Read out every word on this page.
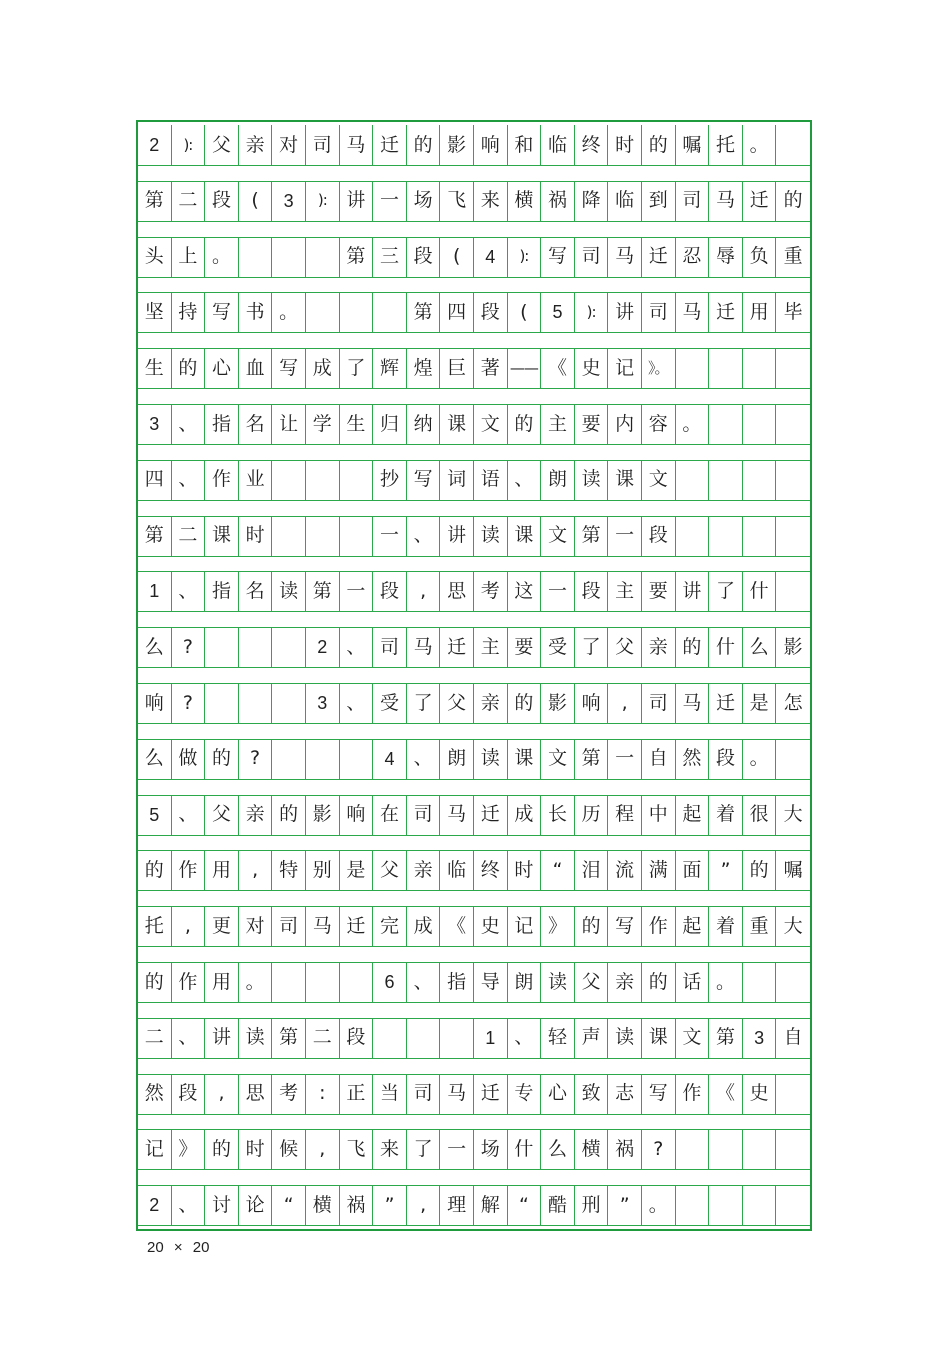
2	):	父 亲 对 司 马 迁 的 影 响 和 临 终 时 的 嘱 托 。
第 二 段	(	3	):	讲 一 场 飞 来 横 祸 降 临 到 司 马 迁 的
头 上 。	第 三 段	(	4	):	写 司 马 迁 忍 辱 负 重
坚 持 写 书 。	第 四 段	(	5	):	讲 司 马 迁 用 毕
生 的 心 血 写 成 了 辉 煌 巨 著 —— 《 史 记 》。
3	、 指 名 让 学 生 归 纳 课 文 的 主 要 内 容 。
四 、 作 业	抄 写 词 语 、 朗 读 课 文
第 二 课 时	一 、 讲 读 课 文 第 一 段
1	、 指 名 读 第 一 段	,	思 考 这 一 段 主 要 讲 了 什
么	?	2	、 司 马 迁 主 要 受 了 父 亲 的 什 么 影
响	?	3	、 受 了 父 亲 的 影 响	,	司 马 迁 是 怎
么 做 的	?	4	、 朗 读 课 文 第 一 自 然 段 。
5	、 父 亲 的 影 响 在 司 马 迁 成 长 历 程 中 起 着 很 大
的 作 用	,	特 别 是 父 亲 临 终 时	“	泪 流 满 面	”	的 嘱
托	,	更 对 司 马 迁 完 成 《 史 记 》 的 写 作 起 着 重 大
的 作 用 。	6	、 指 导 朗 读 父 亲 的 话 。
二 、 讲 读 第 二 段	1	、 轻 声 读 课 文 第	3	自
然 段	,	思 考	:	正 当 司 马 迁 专 心 致 志 写 作 《 史
记 》 的 时 候	,	飞 来 了 一 场 什 么 横 祸	?
2	、 讨 论	“	横 祸	”	,	理 解	“	酷 刑	”	。
20 × 20
